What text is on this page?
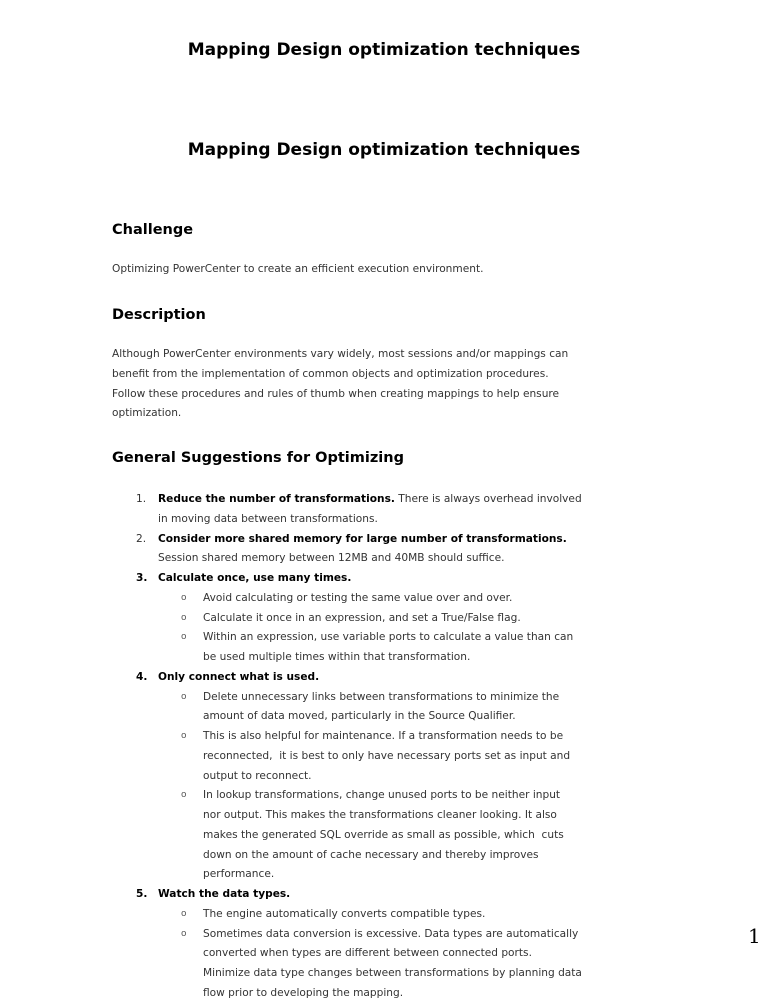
Mapping Design optimization techniques
Mapping Design optimization techniques
Challenge
Optimizing PowerCenter to create an efficient execution environment.
Description
Although PowerCenter environments vary widely, most sessions and/or mappings can
benefit from the implementation of common objects and optimization procedures.
Follow these procedures and rules of thumb when creating mappings to help ensure
optimization.
General Suggestions for Optimizing
1. Reduce the number of transformations. There is always overhead involved
in moving data between transformations.
2. Consider more shared memory for large number of transformations.
Session shared memory between 12MB and 40MB should suffice.
3. Calculate once, use many times.
o Avoid calculating or testing the same value over and over.
o Calculate it once in an expression, and set a True/False flag.
o Within an expression, use variable ports to calculate a value than can
be used multiple times within that transformation.
4. Only connect what is used.
o Delete unnecessary links between transformations to minimize the
amount of data moved, particularly in the Source Qualifier.
o This is also helpful for maintenance. If a transformation needs to be
reconnected,  it is best to only have necessary ports set as input and
output to reconnect.
o In lookup transformations, change unused ports to be neither input
nor output. This makes the transformations cleaner looking. It also
makes the generated SQL override as small as possible, which  cuts
down on the amount of cache necessary and thereby improves
performance.
5. Watch the data types.
o The engine automatically converts compatible types.
o Sometimes data conversion is excessive. Data types are automatically
converted when types are different between connected ports.
Minimize data type changes between transformations by planning data
flow prior to developing the mapping.
1
